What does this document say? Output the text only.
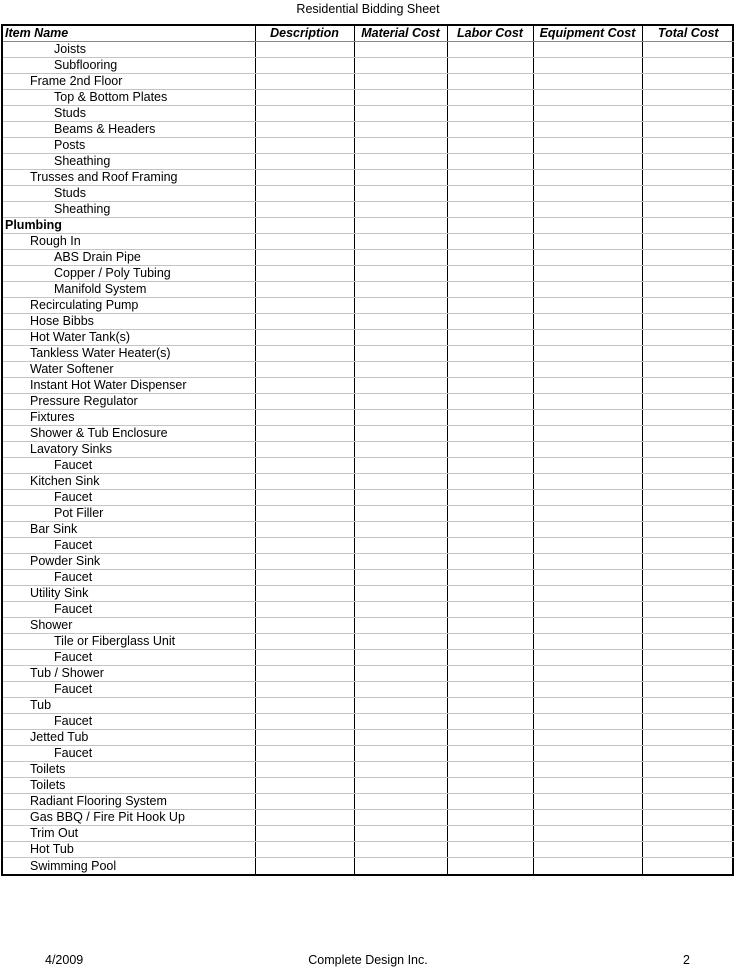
Residential Bidding Sheet
Item Name	Description	Material Cost	Labor Cost	Equipment Cost	Total Cost
Joists					
Subflooring					
Frame 2nd Floor					
Top & Bottom Plates					
Studs					
Beams & Headers					
Posts					
Sheathing					
Trusses and Roof Framing					
Studs					
Sheathing					
Plumbing					
Rough In					
ABS Drain Pipe					
Copper / Poly Tubing					
Manifold System					
Recirculating Pump					
Hose Bibbs					
Hot Water Tank(s)					
Tankless Water Heater(s)					
Water Softener					
Instant Hot Water Dispenser					
Pressure Regulator					
Fixtures					
Shower & Tub Enclosure					
Lavatory Sinks					
Faucet					
Kitchen Sink					
Faucet					
Pot Filler					
Bar Sink					
Faucet					
Powder Sink					
Faucet					
Utility Sink					
Faucet					
Shower					
Tile or Fiberglass Unit					
Faucet					
Tub / Shower					
Faucet					
Tub					
Faucet					
Jetted Tub					
Faucet					
Toilets					
Toilets					
Radiant Flooring System					
Gas BBQ / Fire Pit Hook Up					
Trim Out					
Hot Tub					
Swimming Pool					
4/2009	Complete Design Inc.	2
